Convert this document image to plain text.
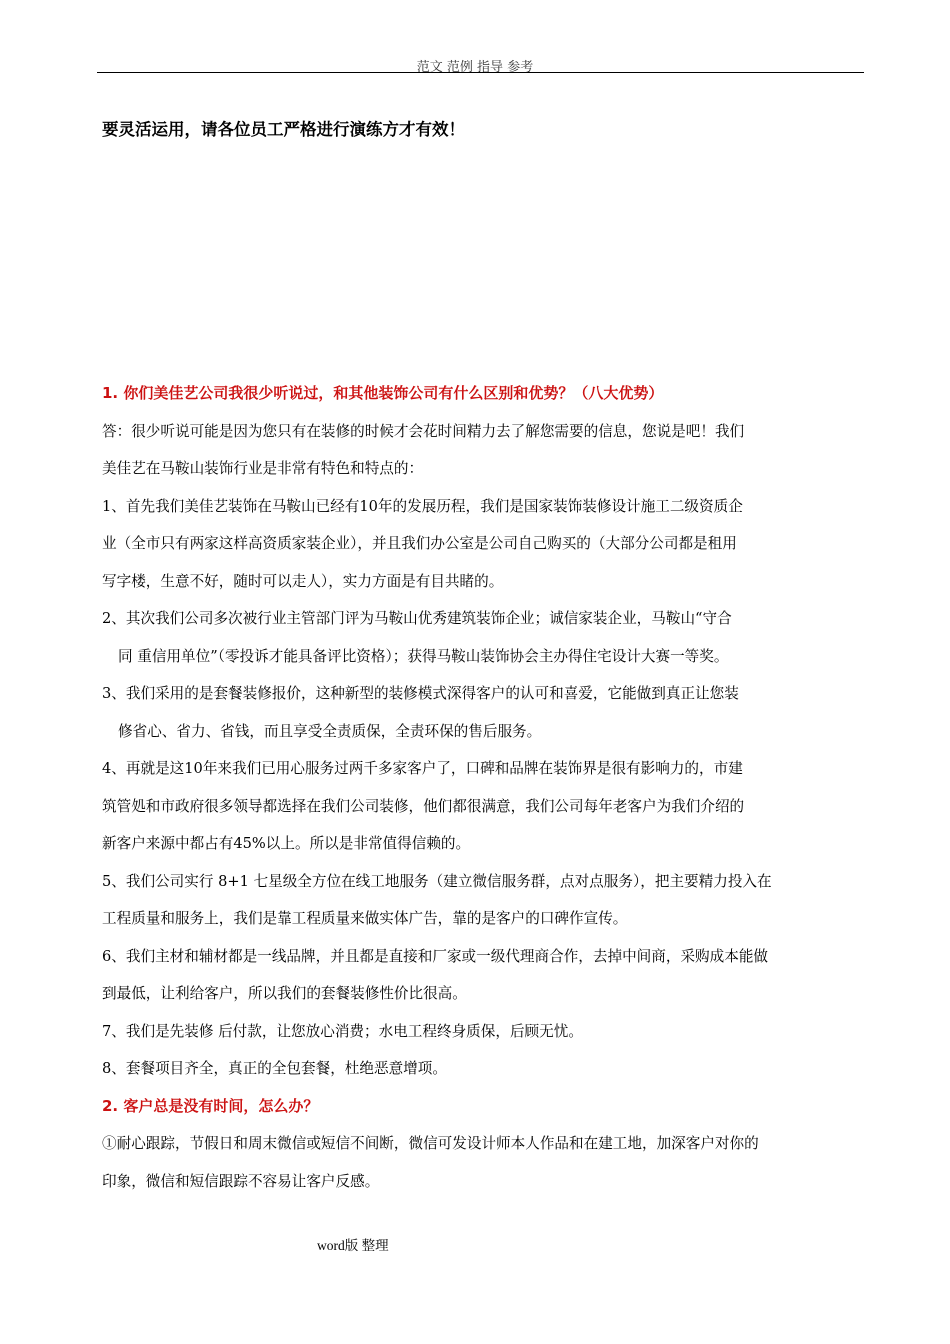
范文 范例 指导 参考
要灵活运用，请各位员工严格进行演练方才有效！

1. 你们美佳艺公司我很少听说过，和其他装饰公司有什么区别和优势？（八大优势）

答：很少听说可能是因为您只有在装修的时候才会花时间精力去了解您需要的信息，您说是吧！我们

美佳艺在马鞍山装饰行业是非常有特色和特点的：

1、首先我们美佳艺装饰在马鞍山已经有10年的发展历程，我们是国家装饰装修设计施工二级资质企

业（全市只有两家这样高资质家装企业），并且我们办公室是公司自己购买的（大部分公司都是租用

写字楼，生意不好，随时可以走人），实力方面是有目共睹的。

2、其次我们公司多次被行业主管部门评为马鞍山优秀建筑装饰企业；诚信家装企业，马鞍山“守合

同 重信用单位”（零投诉才能具备评比资格）；获得马鞍山装饰协会主办得住宅设计大赛一等奖。

3、我们采用的是套餐装修报价，这种新型的装修模式深得客户的认可和喜爱，它能做到真正让您装

修省心、省力、省钱，而且享受全责质保，全责环保的售后服务。

4、再就是这10年来我们已用心服务过两千多家客户了，口碑和品牌在装饰界是很有影响力的，市建

筑管処和市政府很多领导都选择在我们公司装修，他们都很满意，我们公司每年老客户为我们介绍的

新客户来源中都占有45%以上。所以是非常值得信赖的。

5、我们公司实行 8+1 七星级全方位在线工地服务（建立微信服务群，点对点服务），把主要精力投入在

工程质量和服务上，我们是靠工程质量来做实体广告，靠的是客户的口碑作宣传。

6、我们主材和辅材都是一线品牌，并且都是直接和厂家或一级代理商合作，去掉中间商，采购成本能做

到最低，让利给客户，所以我们的套餐装修性价比很高。

7、我们是先装修 后付款，让您放心消费；水电工程终身质保，后顾无忧。

8、套餐项目齐全，真正的全包套餐，杜绝恶意增项。

2. 客户总是没有时间，怎么办？

①耐心跟踪，节假日和周末微信或短信不间断，微信可发设计师本人作品和在建工地，加深客户对你的

印象，微信和短信跟踪不容易让客户反感。

word版 整理
